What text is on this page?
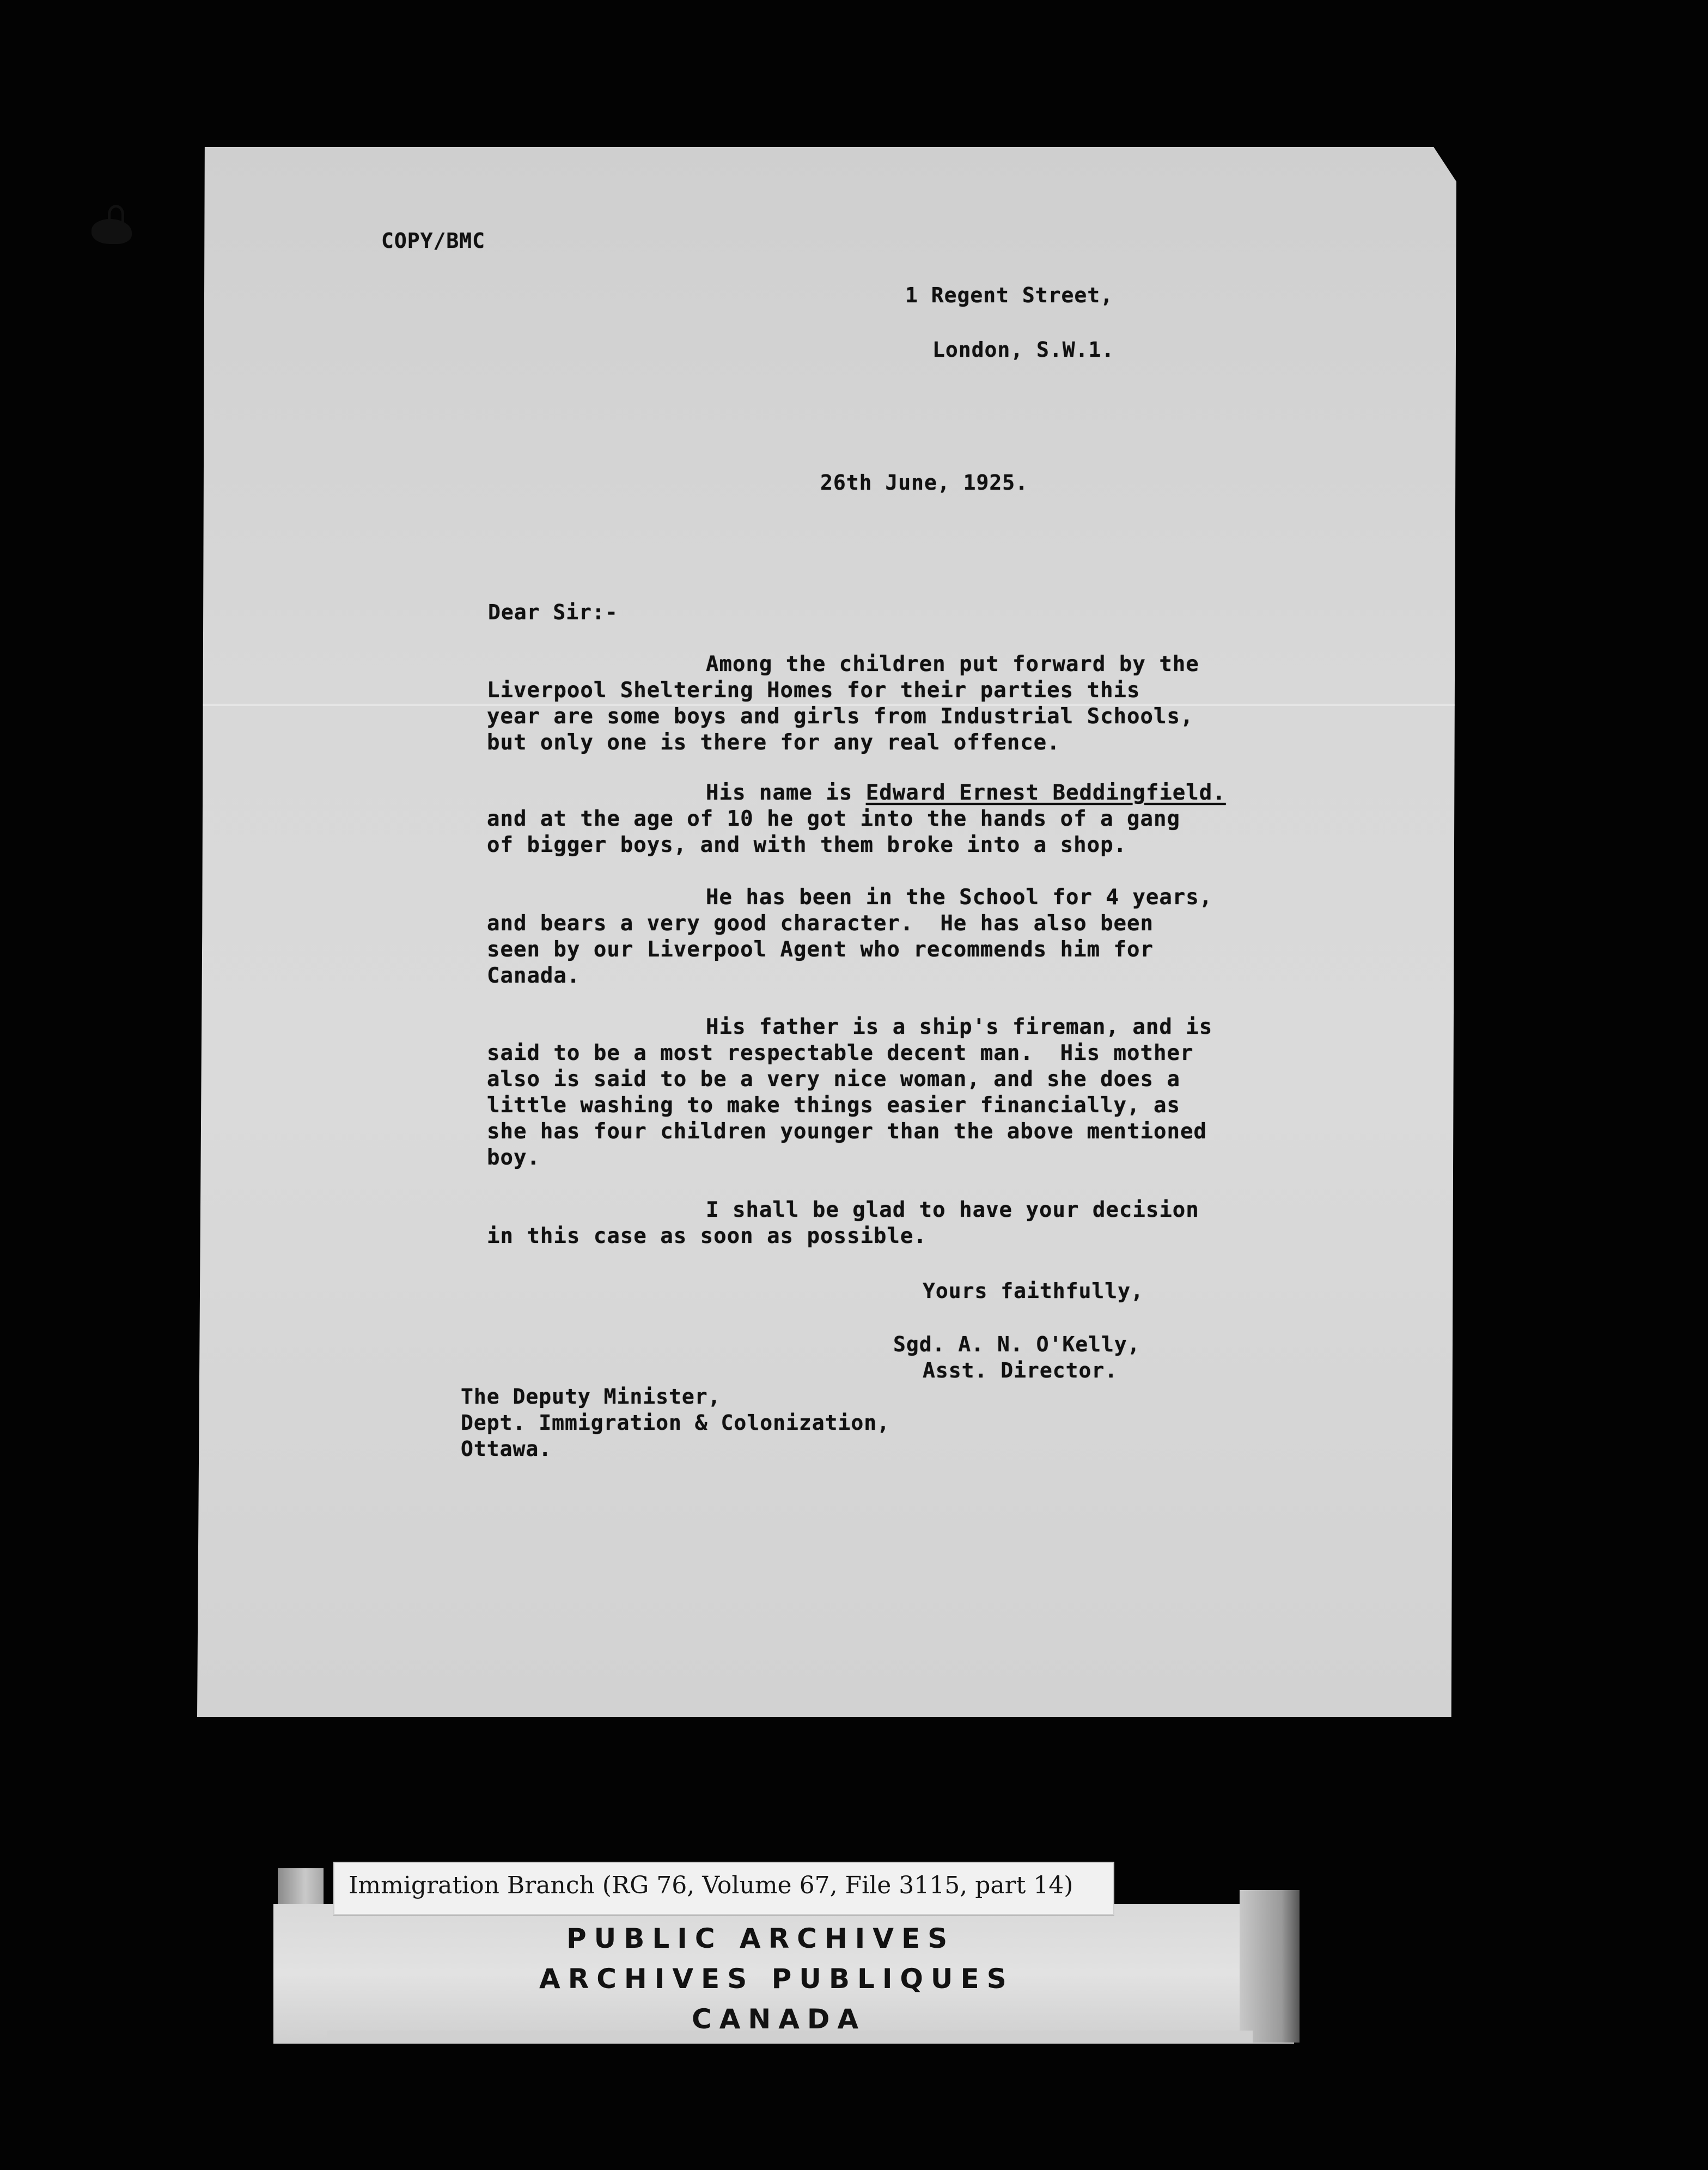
COPY/BMC

1 Regent Street,

London, S.W.1.

26th June, 1925.

Dear Sir:-

Among the children put forward by the

Liverpool Sheltering Homes for their parties this

year are some boys and girls from Industrial Schools,

but only one is there for any real offence.

His name is Edward Ernest Beddingfield.

and at the age of 10 he got into the hands of a gang

of bigger boys, and with them broke into a shop.

He has been in the School for 4 years,

and bears a very good character.  He has also been

seen by our Liverpool Agent who recommends him for

Canada.

His father is a ship's fireman, and is

said to be a most respectable decent man.  His mother

also is said to be a very nice woman, and she does a

little washing to make things easier financially, as

she has four children younger than the above mentioned

boy.

I shall be glad to have your decision

in this case as soon as possible.

Yours faithfully,

Sgd. A. N. O'Kelly,

Asst. Director.

The Deputy Minister,

Dept. Immigration & Colonization,

Ottawa.

Immigration Branch (RG 76, Volume 67, File 3115, part 14)

PUBLIC ARCHIVES

ARCHIVES PUBLIQUES

CANADA
